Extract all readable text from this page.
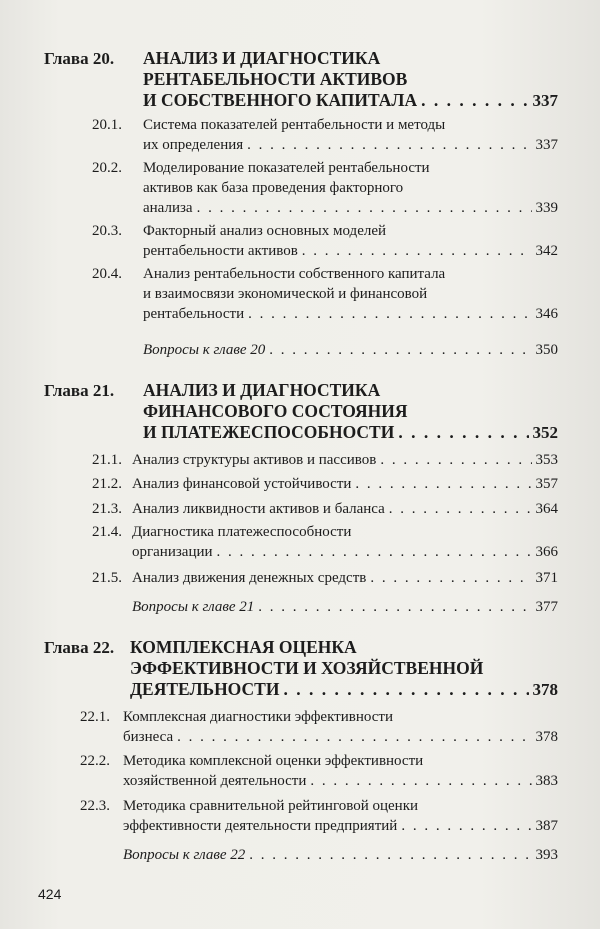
Глава 20.	АНАЛИЗ И ДИАГНОСТИКА
РЕНТАБЕЛЬНОСТИ АКТИВОВ
И СОБСТВЕННОГО КАПИТАЛА . . .	337
20.1. Система показателей рентабельности и методы
их определения . . .	337
20.2. Моделирование показателей рентабельности
активов как база проведения факторного
анализа . . .	339
20.3. Факторный анализ основных моделей
рентабельности активов . . .	342
20.4. Анализ рентабельности собственного капитала
и взаимосвязи экономической и финансовой
рентабельности . . .	346
Вопросы к главе 20 . . .	350
Глава 21.	АНАЛИЗ И ДИАГНОСТИКА
ФИНАНСОВОГО СОСТОЯНИЯ
И ПЛАТЕЖЕСПОСОБНОСТИ . . .	352
21.1. Анализ структуры активов и пассивов . . .	353
21.2. Анализ финансовой устойчивости . . .	357
21.3. Анализ ликвидности активов и баланса . . .	364
21.4. Диагностика платежеспособности
организации . . .	366
21.5. Анализ движения денежных средств . . .	371
Вопросы к главе 21 . . .	377
Глава 22. КОМПЛЕКСНАЯ ОЦЕНКА
ЭФФЕКТИВНОСТИ И ХОЗЯЙСТВЕННОЙ
ДЕЯТЕЛЬНОСТИ . . .	378
22.1. Комплексная диагностики эффективности
бизнеса . . .	378
22.2. Методика комплексной оценки эффективности
хозяйственной деятельности . . .	383
22.3. Методика сравнительной рейтинговой оценки
эффективности деятельности предприятий . . .	387
Вопросы к главе 22 . . .	393
424
